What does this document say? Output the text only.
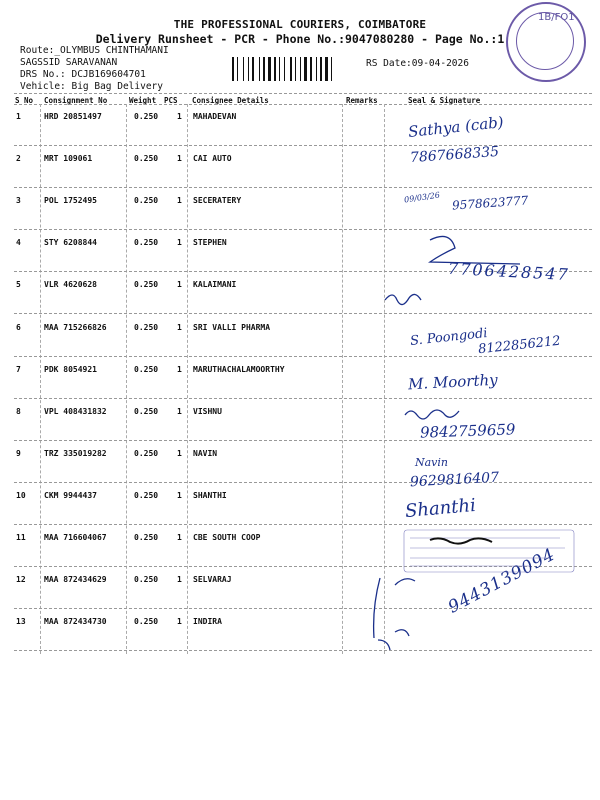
THE PROFESSIONAL COURIERS, COIMBATORE
Delivery Runsheet - PCR - Phone No.:9047080280 - Page No.:1
Route:_OLYMBUS CHINTHAMANI
SAGSSID SARAVANAN
DRS No.: DCJB169604701
Vehicle: Big Bag Delivery
RS Date:09-04-2026
1B/FO1
S No Consignment No	Weight PCS Consignee Details	Remarks	Seal & Signature
1	HRD 20851497	0.250 1 MAHADEVAN
2	MRT 109061	0.250 1 CAI AUTO
3	POL 1752495	0.250 1 SECERATERY
4	STY 6208844	0.250 1 STEPHEN
5	VLR 4620628	0.250 1 KALAIMANI
6	MAA 715266826	0.250 1 SRI VALLI PHARMA
7	PDK 8054921	0.250 1 MARUTHACHALAMOORTHY
8	VPL 408431832	0.250 1 VISHNU
9	TRZ 335019282	0.250 1 NAVIN
10 CKM 9944437	0.250 1 SHANTHI
11 MAA 716604067	0.250 1 CBE SOUTH COOP
12 MAA 872434629	0.250 1 SELVARAJ
13 MAA 872434730	0.250 1 INDIRA
Sathya (cab)
7867668335
09/03/26 9578623777
7706428547
S. Poongodi
8122856212
M. Moorthy
9842759659
Navin
9629816407
Shanthi
9443139094
